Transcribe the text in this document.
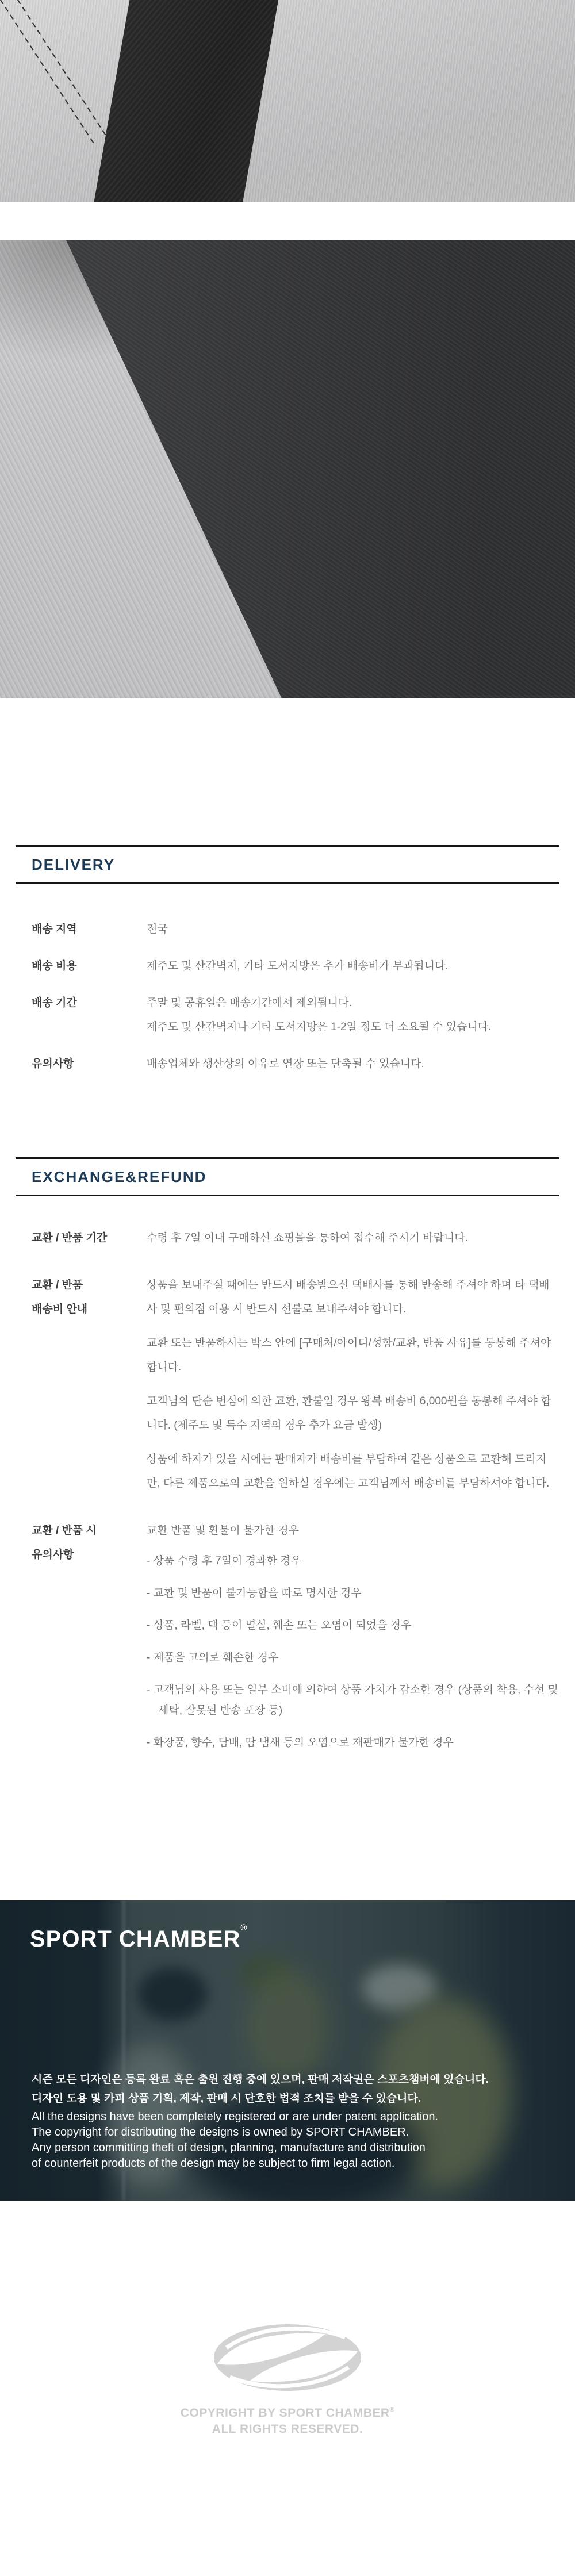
DELIVERY
배송 지역	전국
배송 비용	제주도 및 산간벽지, 기타 도서지방은 추가 배송비가 부과됩니다.
배송 기간	주말 및 공휴일은 배송기간에서 제외됩니다.
제주도 및 산간벽지나 기타 도서지방은 1-2일 정도 더 소요될 수 있습니다.
유의사항	배송업체와 생산상의 이유로 연장 또는 단축될 수 있습니다.
EXCHANGE&REFUND
교환 / 반품 기간	수령 후 7일 이내 구매하신 쇼핑몰을 통하여 접수해 주시기 바랍니다.
교환 / 반품
배송비 안내

상품을 보내주실 때에는 반드시 배송받으신 택배사를 통해 반송해 주셔야 하며 타 택배사 및 편의점 이용 시 반드시 선불로 보내주셔야 합니다.

교환 또는 반품하시는 박스 안에 [구매처/아이디/성함/교환, 반품 사유]를 동봉해 주셔야 합니다.

고객님의 단순 변심에 의한 교환, 환불일 경우 왕복 배송비 6,000원을 동봉해 주셔야 합니다. (제주도 및 특수 지역의 경우 추가 요금 발생)

상품에 하자가 있을 시에는 판매자가 배송비를 부담하여 같은 상품으로 교환해 드리지만, 다른 제품으로의 교환을 원하실 경우에는 고객님께서 배송비를 부담하셔야 합니다.

교환 / 반품 시
유의사항
교환 반품 및 환불이 불가한 경우
- 상품 수령 후 7일이 경과한 경우
- 교환 및 반품이 불가능함을 따로 명시한 경우
- 상품, 라벨, 택 등이 멸실, 훼손 또는 오염이 되었을 경우
- 제품을 고의로 훼손한 경우
- 고객님의 사용 또는 일부 소비에 의하여 상품 가치가 감소한 경우 (상품의 착용, 수선 및 세탁, 잘못된 반송 포장 등)
- 화장품, 향수, 담배, 땀 냄새 등의 오염으로 재판매가 불가한 경우
SPORT CHAMBER®
시즌 모든 디자인은 등록 완료 혹은 출원 진행 중에 있으며, 판매 저작권은 스포츠챔버에 있습니다.
디자인 도용 및 카피 상품 기획, 제작, 판매 시 단호한 법적 조치를 받을 수 있습니다.
All the designs have been completely registered or are under patent application.
The copyright for distributing the designs is owned by SPORT CHAMBER.
Any person committing theft of design, planning, manufacture and distribution
of counterfeit products of the design may be subject to firm legal action.
COPYRIGHT BY SPORT CHAMBER®
ALL RIGHTS RESERVED.
